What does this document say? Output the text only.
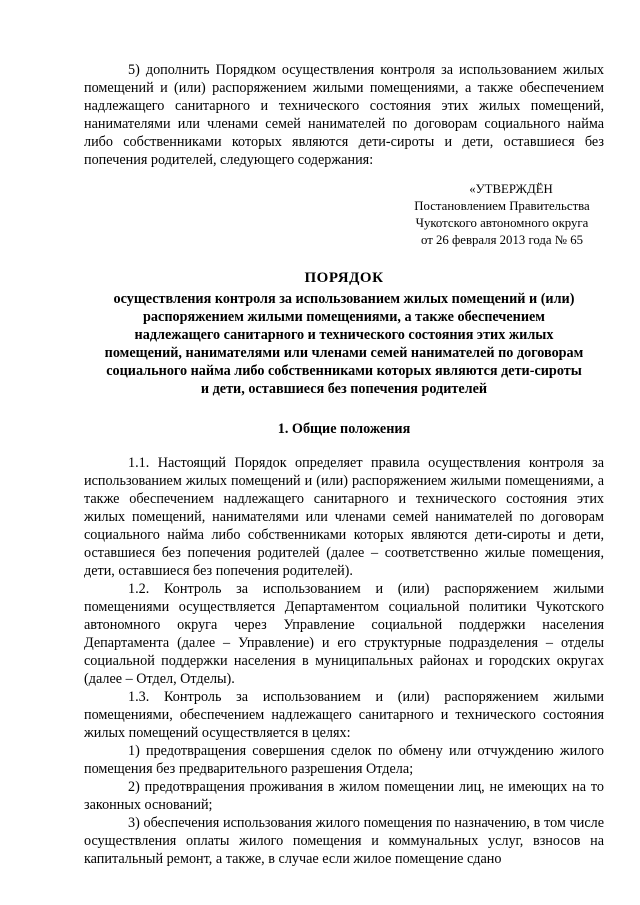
5) дополнить Порядком осуществления контроля за использованием жилых помещений и (или) распоряжением жилыми помещениями, а также обеспечением надлежащего санитарного и технического состояния этих жилых помещений, нанимателями или членами семей нанимателей по договорам социального найма либо собственниками которых являются дети-сироты и дети, оставшиеся без попечения родителей, следующего содержания:

«УТВЕРЖДЁН
Постановлением Правительства
Чукотского автономного округа
от 26 февраля 2013 года № 65
ПОРЯДОК
осуществления контроля за использованием жилых помещений и (или)
распоряжением жилыми помещениями, а также обеспечением
надлежащего санитарного и технического состояния этих жилых
помещений, нанимателями или членами семей нанимателей по договорам
социального найма либо собственниками которых являются дети-сироты
и дети, оставшиеся без попечения родителей
1. Общие положения

1.1. Настоящий Порядок определяет правила осуществления контроля за использованием жилых помещений и (или) распоряжением жилыми помещениями, а также обеспечением надлежащего санитарного и технического состояния этих жилых помещений, нанимателями или членами семей нанимателей по договорам социального найма либо собственниками которых являются дети-сироты и дети, оставшиеся без попечения родителей (далее – соответственно жилые помещения, дети, оставшиеся без попечения родителей).

1.2. Контроль за использованием и (или) распоряжением жилыми помещениями осуществляется Департаментом социальной политики Чукотского автономного округа через Управление социальной поддержки населения Департамента (далее – Управление) и его структурные подразделения – отделы социальной поддержки населения в муниципальных районах и городских округах (далее – Отдел, Отделы).

1.3. Контроль за использованием и (или) распоряжением жилыми помещениями, обеспечением надлежащего санитарного и технического состояния жилых помещений осуществляется в целях:

1) предотвращения совершения сделок по обмену или отчуждению жилого помещения без предварительного разрешения Отдела;

2) предотвращения проживания в жилом помещении лиц, не имеющих на то законных оснований;

3) обеспечения использования жилого помещения по назначению, в том числе осуществления оплаты жилого помещения и коммунальных услуг, взносов на капитальный ремонт, а также, в случае если жилое помещение сдано
